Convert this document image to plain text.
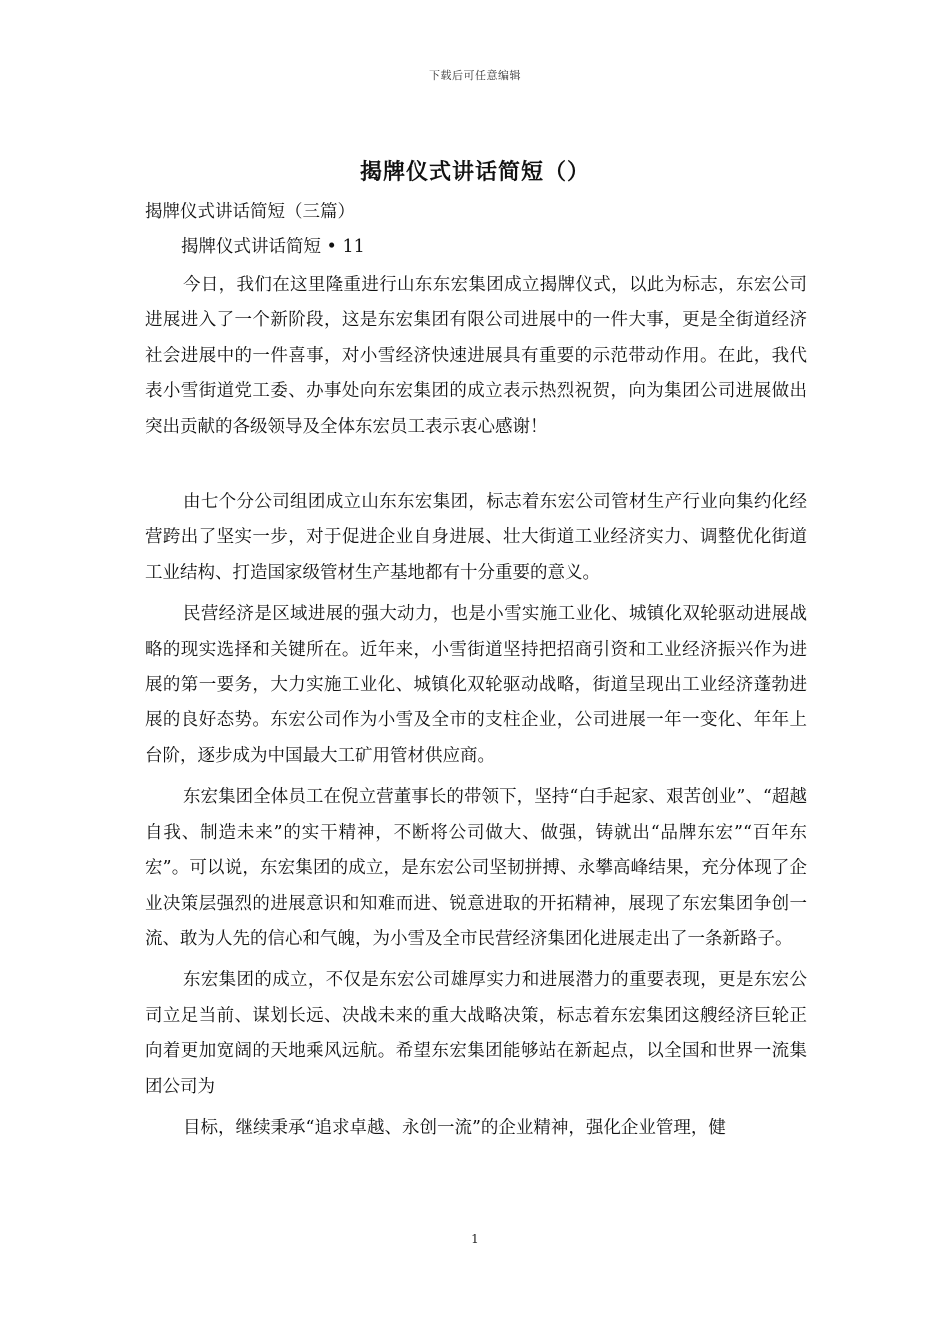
下载后可任意编辑
揭牌仪式讲话简短（）

揭牌仪式讲话简短（三篇）

揭牌仪式讲话简短 • 11

今日，我们在这里隆重进行山东东宏集团成立揭牌仪式，以此为标志，东宏公司进展进入了一个新阶段，这是东宏集团有限公司进展中的一件大事，更是全街道经济社会进展中的一件喜事，对小雪经济快速进展具有重要的示范带动作用。在此，我代表小雪街道党工委、办事处向东宏集团的成立表示热烈祝贺，向为集团公司进展做出突出贡献的各级领导及全体东宏员工表示衷心感谢！

由七个分公司组团成立山东东宏集团，标志着东宏公司管材生产行业向集约化经营跨出了坚实一步，对于促进企业自身进展、壮大街道工业经济实力、调整优化街道工业结构、打造国家级管材生产基地都有十分重要的意义。

民营经济是区域进展的强大动力，也是小雪实施工业化、城镇化双轮驱动进展战略的现实选择和关键所在。近年来，小雪街道坚持把招商引资和工业经济振兴作为进展的第一要务，大力实施工业化、城镇化双轮驱动战略，街道呈现出工业经济蓬勃进展的良好态势。东宏公司作为小雪及全市的支柱企业，公司进展一年一变化、年年上台阶，逐步成为中国最大工矿用管材供应商。

东宏集团全体员工在倪立营董事长的带领下，坚持“白手起家、艰苦创业”、“超越自我、制造未来”的实干精神，不断将公司做大、做强，铸就出“品牌东宏”“百年东宏”。可以说，东宏集团的成立，是东宏公司坚韧拼搏、永攀高峰结果，充分体现了企业决策层强烈的进展意识和知难而进、锐意进取的开拓精神，展现了东宏集团争创一流、敢为人先的信心和气魄，为小雪及全市民营经济集团化进展走出了一条新路子。

东宏集团的成立，不仅是东宏公司雄厚实力和进展潜力的重要表现，更是东宏公司立足当前、谋划长远、决战未来的重大战略决策，标志着东宏集团这艘经济巨轮正向着更加宽阔的天地乘风远航。希望东宏集团能够站在新起点，以全国和世界一流集团公司为

目标，继续秉承“追求卓越、永创一流”的企业精神，强化企业管理，健

1
